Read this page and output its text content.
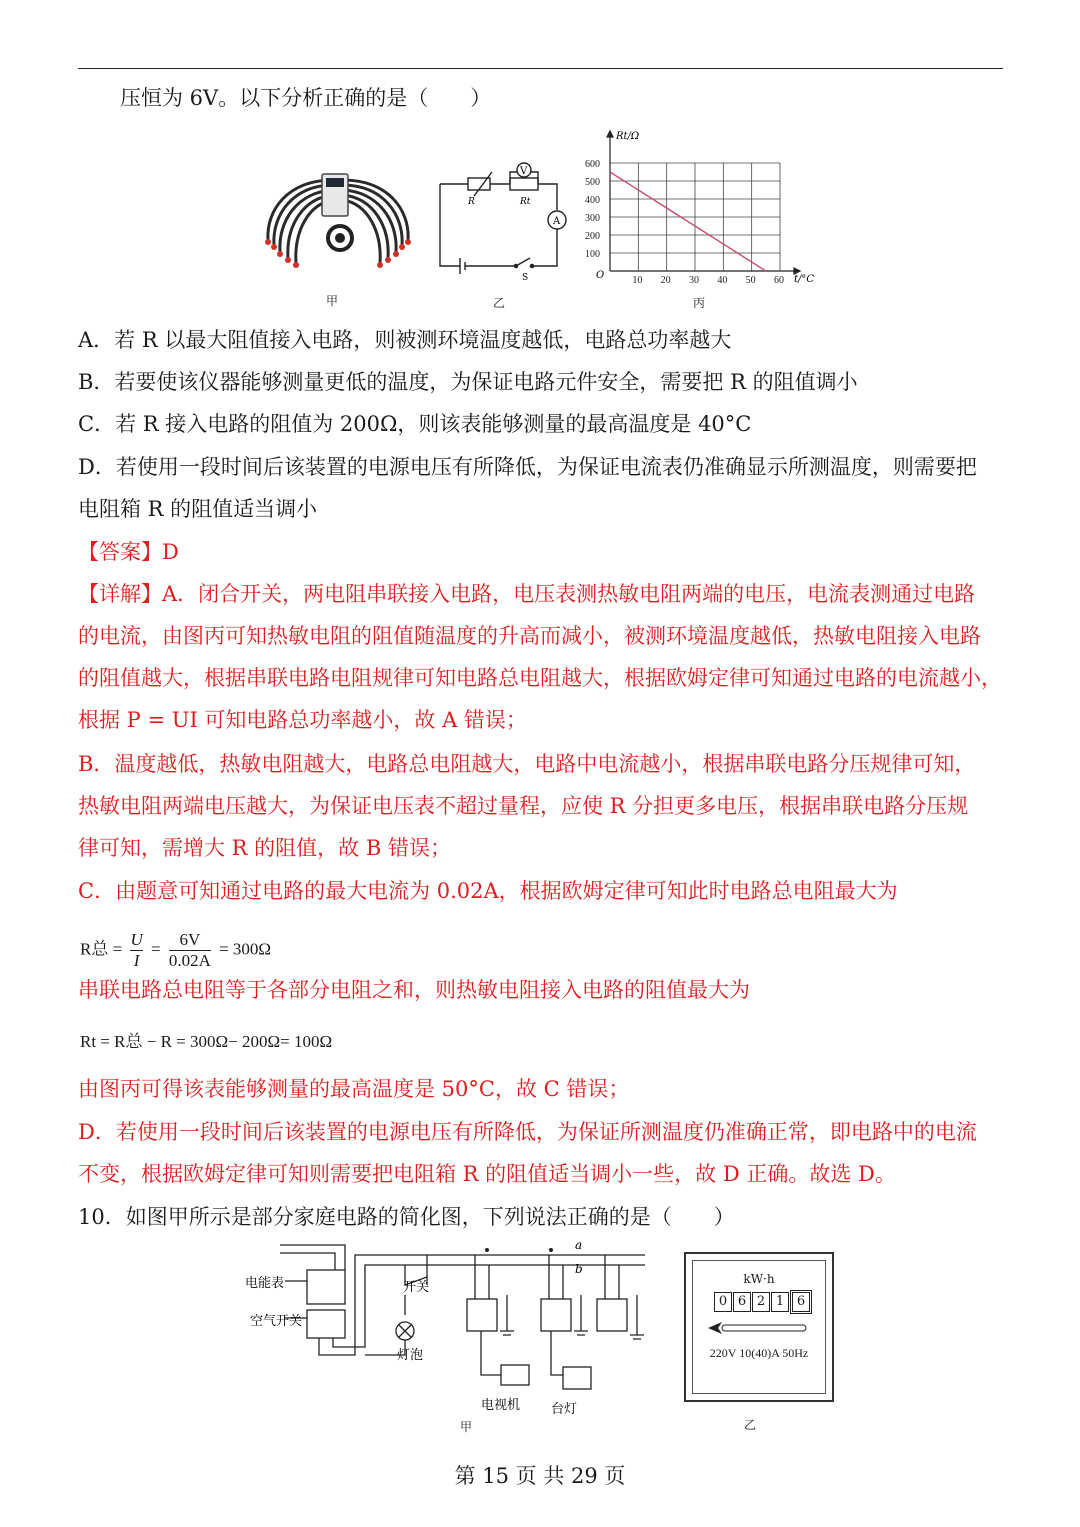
压恒为 6V。以下分析正确的是（　　）
甲
R	Rt
V
A
S
乙
10 20 30 40 50 60
100
200
300
400
500
600
Rt/Ω
t/°C
O
丙
A．若 R 以最大阻值接入电路，则被测环境温度越低，电路总功率越大
B．若要使该仪器能够测量更低的温度，为保证电路元件安全，需要把 R 的阻值调小
C．若 R 接入电路的阻值为 200Ω，则该表能够测量的最高温度是 40°C
D．若使用一段时间后该装置的电源电压有所降低，为保证电流表仍准确显示所测温度，则需要把
电阻箱 R 的阻值适当调小
【答案】D
【详解】A．闭合开关，两电阻串联接入电路，电压表测热敏电阻两端的电压，电流表测通过电路
的电流，由图丙可知热敏电阻的阻值随温度的升高而减小，被测环境温度越低，热敏电阻接入电路
的阻值越大，根据串联电路电阻规律可知电路总电阻越大，根据欧姆定律可知通过电路的电流越小，
根据 P = UI 可知电路总功率越小，故 A 错误；
B．温度越低，热敏电阻越大，电路总电阻越大，电路中电流越小，根据串联电路分压规律可知，
热敏电阻两端电压越大，为保证电压表不超过量程，应使 R 分担更多电压，根据串联电路分压规
律可知，需增大 R 的阻值，故 B 错误；
C．由题意可知通过电路的最大电流为 0.02A，根据欧姆定律可知此时电路总电阻最大为
R总 = $\frac{U}{I} = \frac{6V}{0.02A} = 300\Omega$
串联电路总电阻等于各部分电阻之和，则热敏电阻接入电路的阻值最大为
Rt = R总 − R = 300Ω− 200Ω= 100Ω
由图丙可得该表能够测量的最高温度是 50°C，故 C 错误；
D．若使用一段时间后该装置的电源电压有所降低，为保证所测温度仍准确正常，即电路中的电流
不变，根据欧姆定律可知则需要把电阻箱 R 的阻值适当调小一些，故 D 正确。故选 D。
10．如图甲所示是部分家庭电路的简化图，下列说法正确的是（　　）
电能表
空气开关
开关
灯泡
电视机 台灯
a
b
甲
kW·h
0 6 2 1 6
220V 10(40)A 50Hz
乙
第 15 页 共 29 页
